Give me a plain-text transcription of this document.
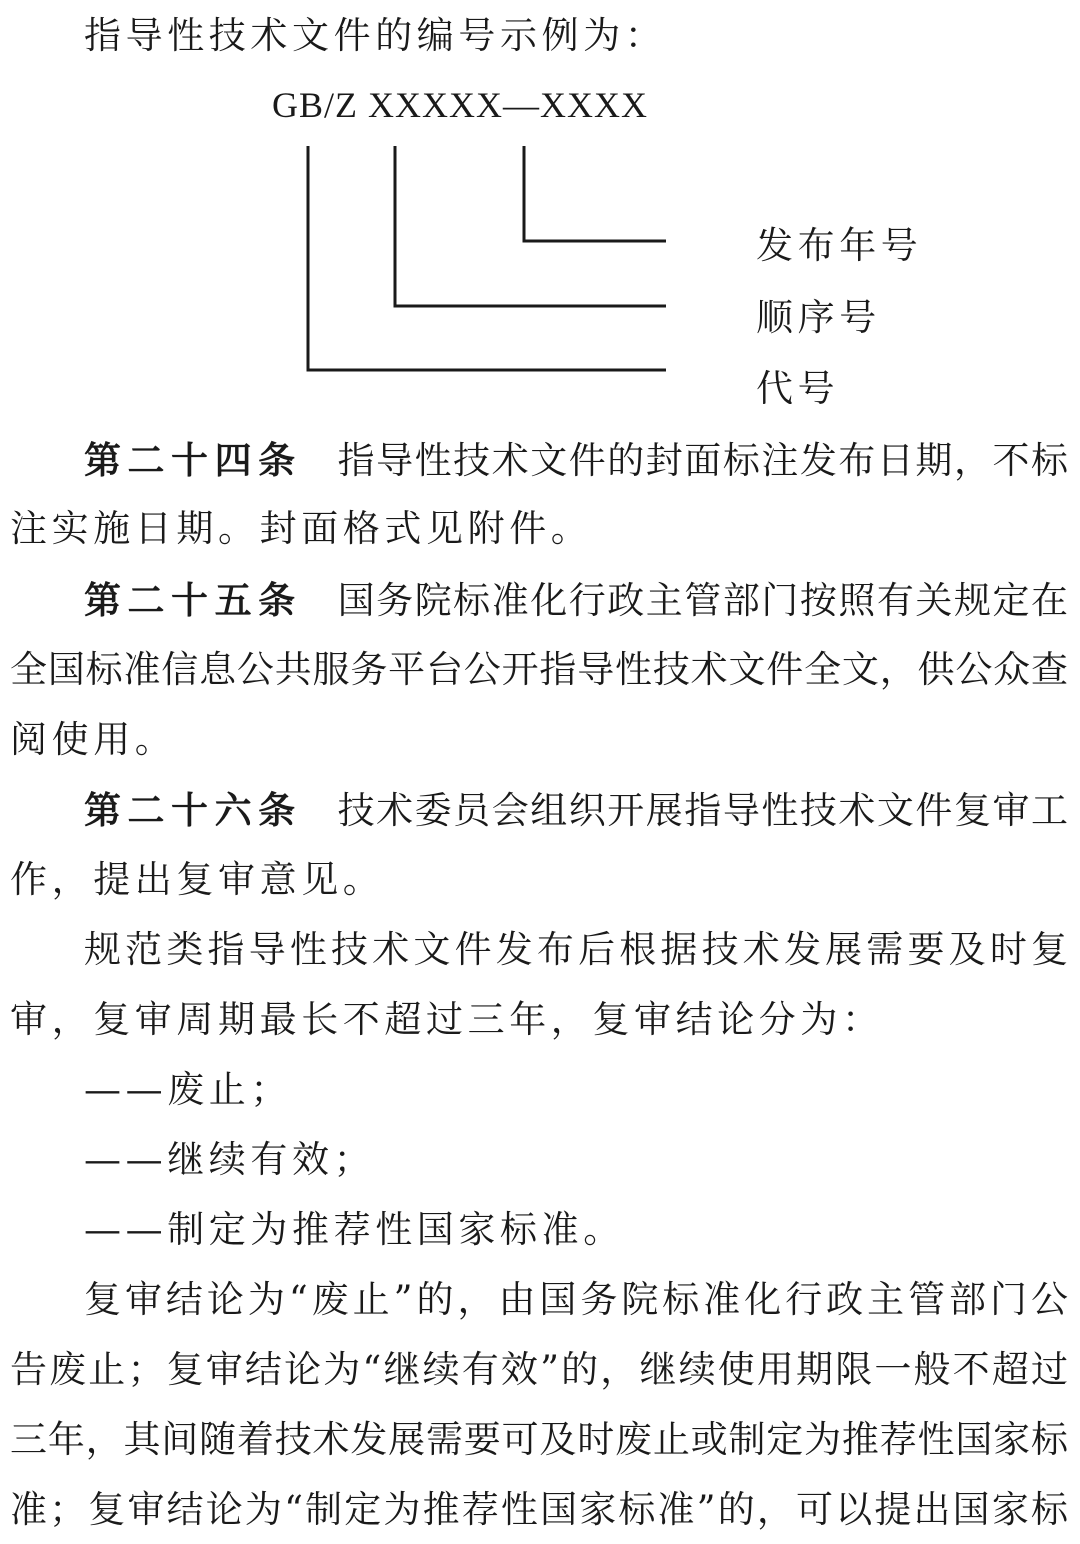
指导性技术文件的编号示例为：
GB/Z XXXXX—XXXX
发布年号
顺序号
代号
第二十四条 指导性技术文件的封面标注发布日期，不标
注实施日期。封面格式见附件。
第二十五条 国务院标准化行政主管部门按照有关规定在
全国标准信息公共服务平台公开指导性技术文件全文，供公众查
阅使用。
第二十六条 技术委员会组织开展指导性技术文件复审工
作，提出复审意见。
规范类指导性技术文件发布后根据技术发展需要及时复
审，复审周期最长不超过三年，复审结论分为：
——废止；
——继续有效；
——制定为推荐性国家标准。
复审结论为“废止”的，由国务院标准化行政主管部门公
告废止；复审结论为“继续有效”的，继续使用期限一般不超过
三年，其间随着技术发展需要可及时废止或制定为推荐性国家标
准；复审结论为“制定为推荐性国家标准”的，可以提出国家标
